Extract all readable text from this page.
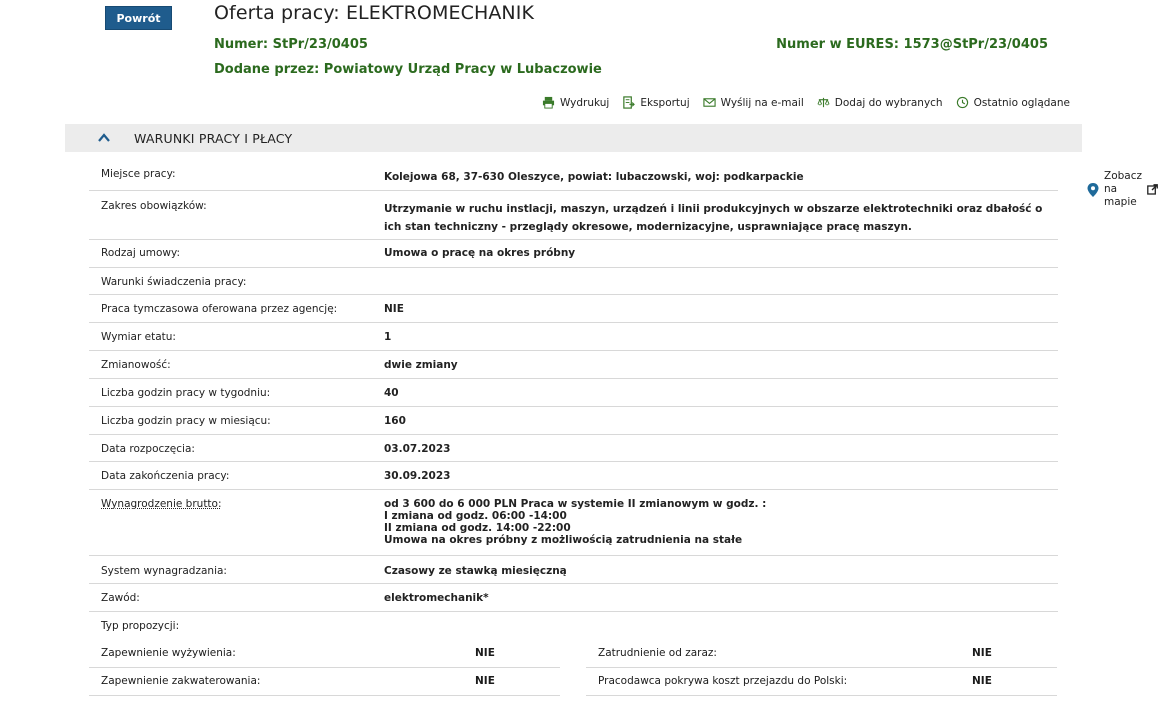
Powrót	Oferta pracy: ELEKTROMECHANIK
Numer: StPr/23/0405	Numer w EURES: 1573@StPr/23/0405
Dodane przez: Powiatowy Urząd Pracy w Lubaczowie
Wydrukuj	Eksportuj	Wyślij na e-mail	Dodaj do wybranych	Ostatnio oglądane
WARUNKI PRACY I PŁACY
Miejsce pracy:	Kolejowa 68, 37-630 Oleszyce, powiat: lubaczowski, woj: podkarpackie	Zobacz na mapie
Zakres obowiązków:	Utrzymanie w ruchu instlacji, maszyn, urządzeń i linii produkcyjnych w obszarze elektrotechniki oraz dbałość o ich stan techniczny - przeglądy okresowe, modernizacyjne, usprawniające pracę maszyn.
Rodzaj umowy:	Umowa o pracę na okres próbny
Warunki świadczenia pracy:
Praca tymczasowa oferowana przez agencję:	NIE
Wymiar etatu:	1
Zmianowość:	dwie zmiany
Liczba godzin pracy w tygodniu:	40
Liczba godzin pracy w miesiącu:	160
Data rozpoczęcia:	03.07.2023
Data zakończenia pracy:	30.09.2023
Wynagrodzenie brutto:	od 3 600 do 6 000 PLN Praca w systemie II zmianowym w godz. :
I zmiana od godz. 06:00 -14:00
II zmiana od godz. 14:00 -22:00
Umowa na okres próbny z możliwością zatrudnienia na stałe
System wynagradzania:	Czasowy ze stawką miesięczną
Zawód:	elektromechanik*
Typ propozycji:
Zapewnienie wyżywienia:	NIE
Zapewnienie zakwaterowania:	NIE
Zatrudnienie od zaraz:	NIE
Pracodawca pokrywa koszt przejazdu do Polski:	NIE
